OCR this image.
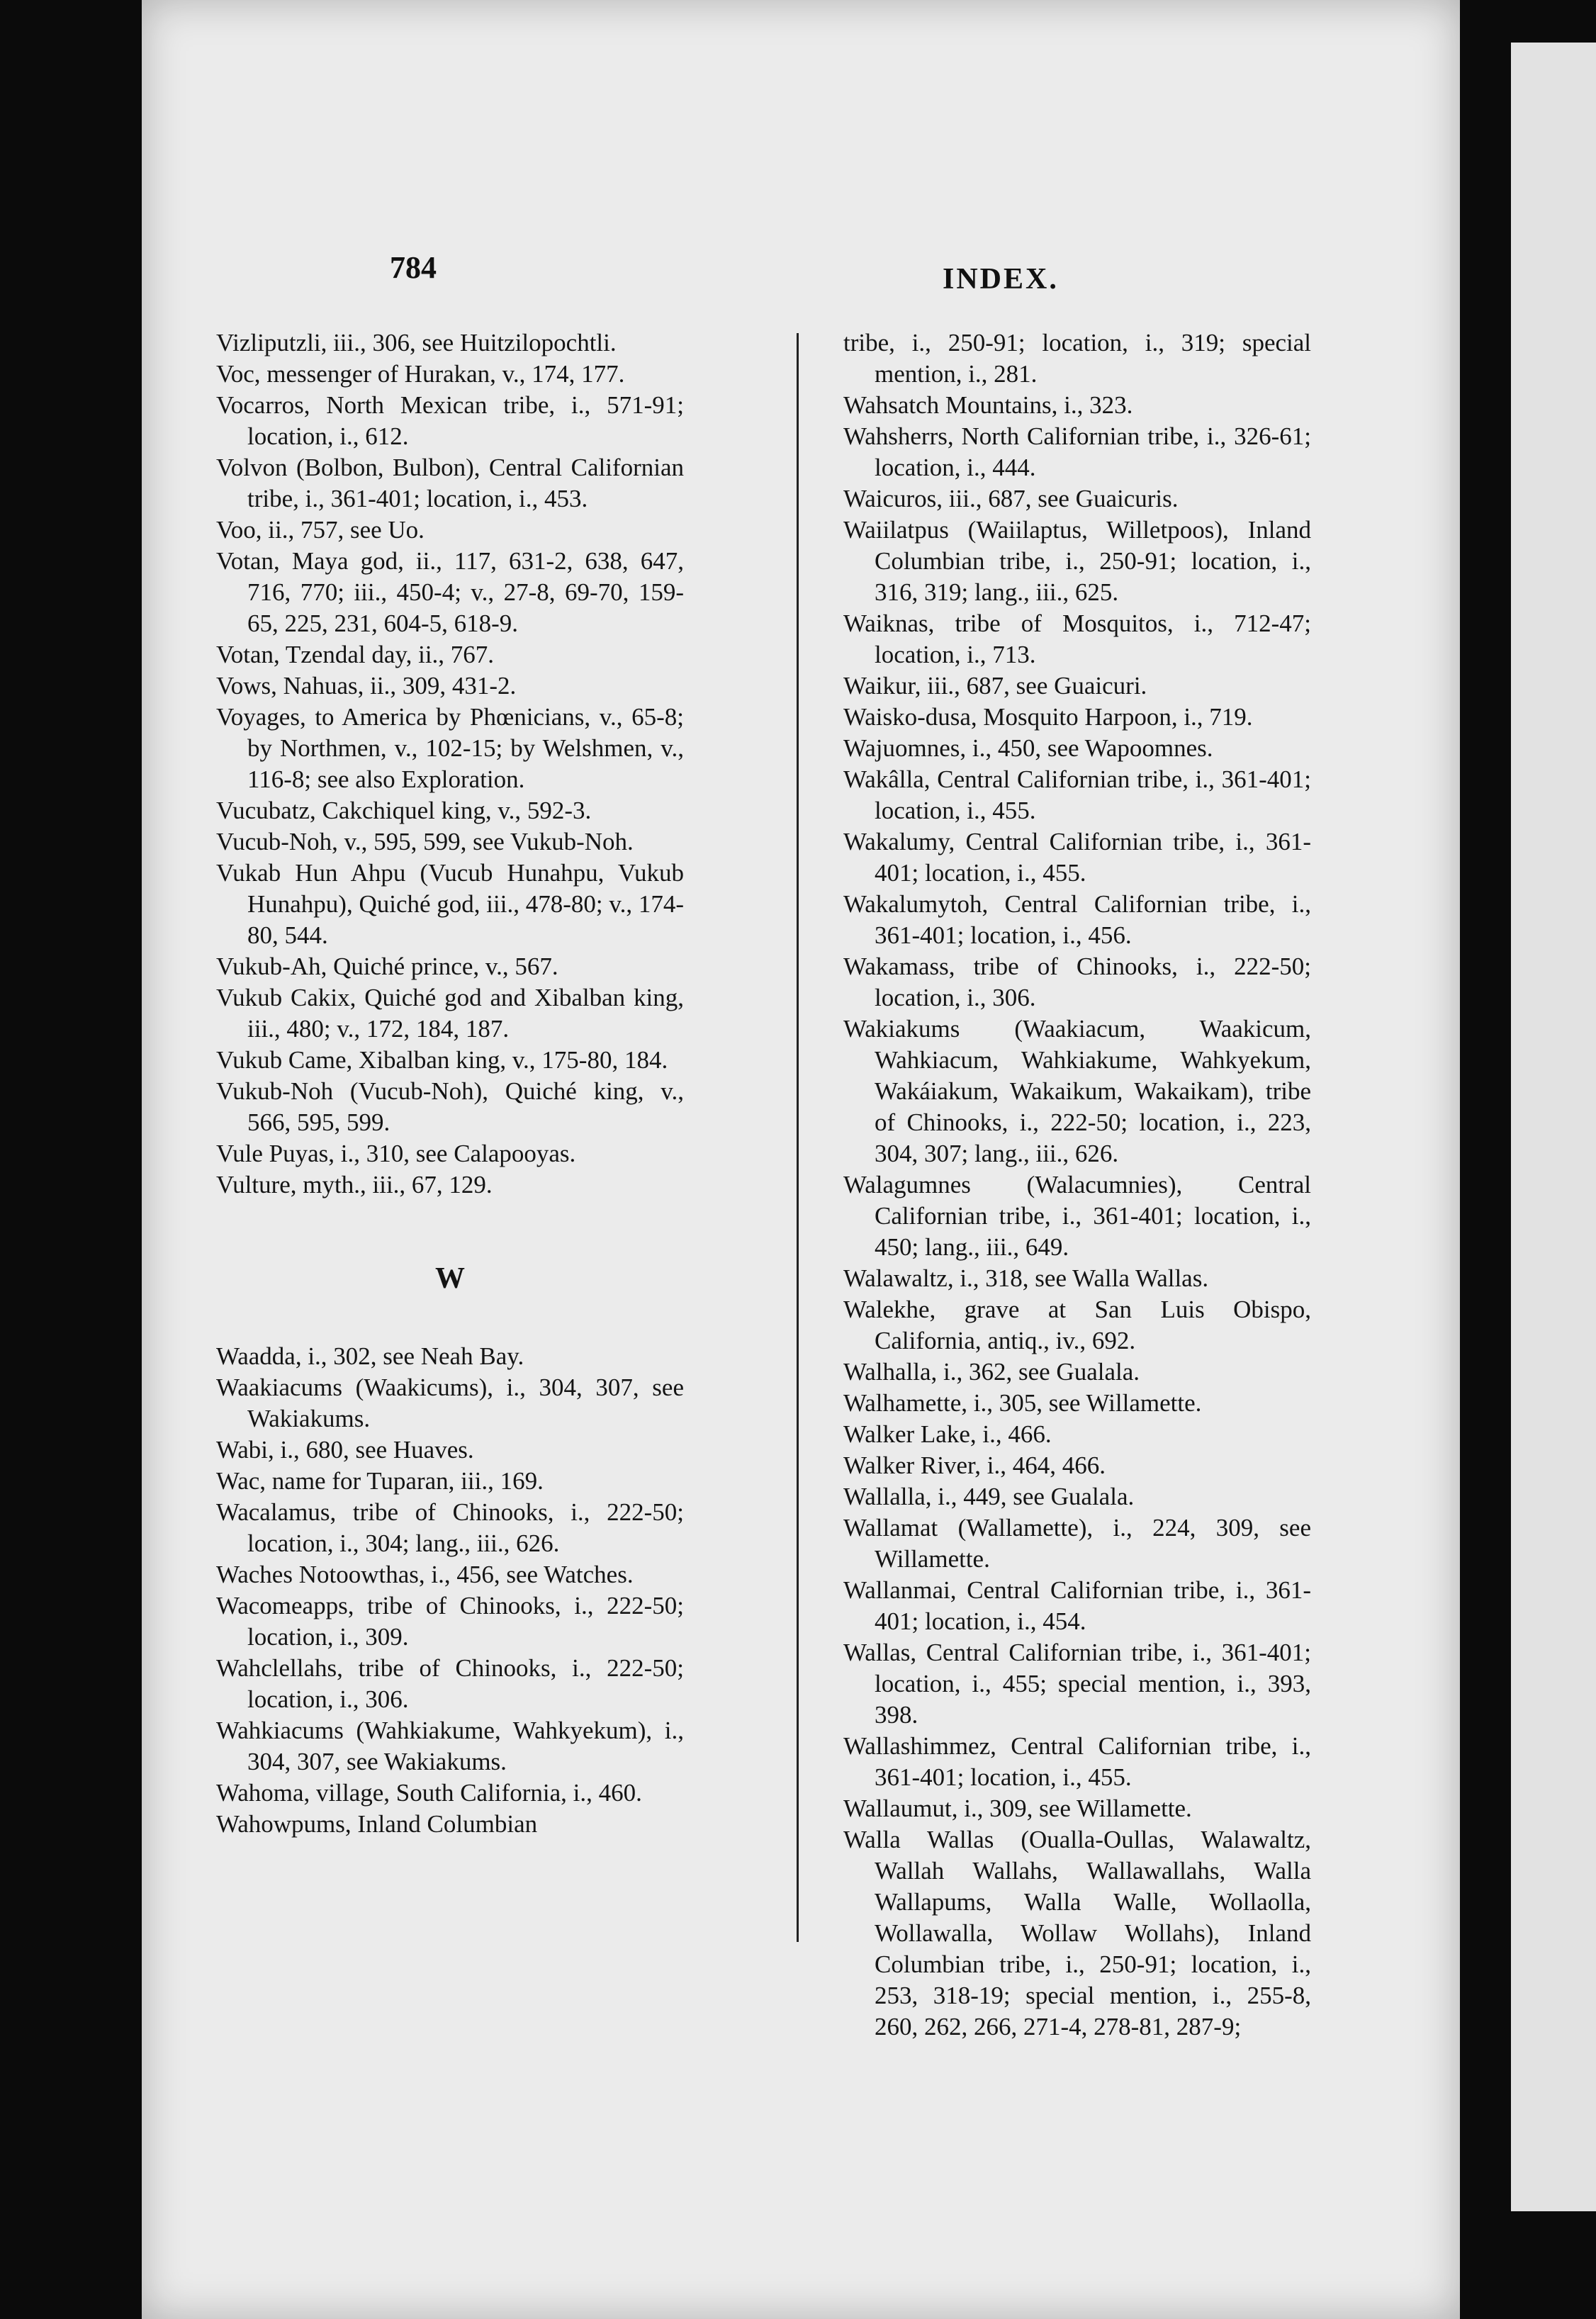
784	INDEX.

Vizliputzli, iii., 306, see Huitzilopochtli.

Voc, messenger of Hurakan, v., 174, 177.

Vocarros, North Mexican tribe, i., 571-91; location, i., 612.

Volvon (Bolbon, Bulbon), Central Californian tribe, i., 361-401; location, i., 453.

Voo, ii., 757, see Uo.

Votan, Maya god, ii., 117, 631-2, 638, 647, 716, 770; iii., 450-4; v., 27-8, 69-70, 159-65, 225, 231, 604-5, 618-9.

Votan, Tzendal day, ii., 767.

Vows, Nahuas, ii., 309, 431-2.

Voyages, to America by Phœnicians, v., 65-8; by Northmen, v., 102-15; by Welshmen, v., 116-8; see also Exploration.

Vucubatz, Cakchiquel king, v., 592-3.

Vucub-Noh, v., 595, 599, see Vukub-Noh.

Vukab Hun Ahpu (Vucub Hunahpu, Vukub Hunahpu), Quiché god, iii., 478-80; v., 174-80, 544.

Vukub-Ah, Quiché prince, v., 567.

Vukub Cakix, Quiché god and Xibalban king, iii., 480; v., 172, 184, 187.

Vukub Came, Xibalban king, v., 175-80, 184.

Vukub-Noh (Vucub-Noh), Quiché king, v., 566, 595, 599.

Vule Puyas, i., 310, see Calapooyas.

Vulture, myth., iii., 67, 129.

W

Waadda, i., 302, see Neah Bay.

Waakiacums (Waakicums), i., 304, 307, see Wakiakums.

Wabi, i., 680, see Huaves.

Wac, name for Tuparan, iii., 169.

Wacalamus, tribe of Chinooks, i., 222-50; location, i., 304; lang., iii., 626.

Waches Notoowthas, i., 456, see Watches.

Wacomeapps, tribe of Chinooks, i., 222-50; location, i., 309.

Wahclellahs, tribe of Chinooks, i., 222-50; location, i., 306.

Wahkiacums (Wahkiakume, Wahkyekum), i., 304, 307, see Wakiakums.

Wahoma, village, South California, i., 460.

Wahowpums, Inland Columbian

tribe, i., 250-91; location, i., 319; special mention, i., 281.

Wahsatch Mountains, i., 323.

Wahsherrs, North Californian tribe, i., 326-61; location, i., 444.

Waicuros, iii., 687, see Guaicuris.

Waiilatpus (Waiilaptus, Willetpoos), Inland Columbian tribe, i., 250-91; location, i., 316, 319; lang., iii., 625.

Waiknas, tribe of Mosquitos, i., 712-47; location, i., 713.

Waikur, iii., 687, see Guaicuri.

Waisko-dusa, Mosquito Harpoon, i., 719.

Wajuomnes, i., 450, see Wapoomnes.

Wakâlla, Central Californian tribe, i., 361-401; location, i., 455.

Wakalumy, Central Californian tribe, i., 361-401; location, i., 455.

Wakalumytoh, Central Californian tribe, i., 361-401; location, i., 456.

Wakamass, tribe of Chinooks, i., 222-50; location, i., 306.

Wakiakums (Waakiacum, Waakicum, Wahkiacum, Wahkiakume, Wahkyekum, Wakáiakum, Wakaikum, Wakaikam), tribe of Chinooks, i., 222-50; location, i., 223, 304, 307; lang., iii., 626.

Walagumnes (Walacumnies), Central Californian tribe, i., 361-401; location, i., 450; lang., iii., 649.

Walawaltz, i., 318, see Walla Wallas.

Walekhe, grave at San Luis Obispo, California, antiq., iv., 692.

Walhalla, i., 362, see Gualala.

Walhamette, i., 305, see Willamette.

Walker Lake, i., 466.

Walker River, i., 464, 466.

Wallalla, i., 449, see Gualala.

Wallamat (Wallamette), i., 224, 309, see Willamette.

Wallanmai, Central Californian tribe, i., 361-401; location, i., 454.

Wallas, Central Californian tribe, i., 361-401; location, i., 455; special mention, i., 393, 398.

Wallashimmez, Central Californian tribe, i., 361-401; location, i., 455.

Wallaumut, i., 309, see Willamette.

Walla Wallas (Oualla-Oullas, Walawaltz, Wallah Wallahs, Wallawallahs, Walla Wallapums, Walla Walle, Wollaolla, Wollawalla, Wollaw Wollahs), Inland Columbian tribe, i., 250-91; location, i., 253, 318-19; special mention, i., 255-8, 260, 262, 266, 271-4, 278-81, 287-9;
